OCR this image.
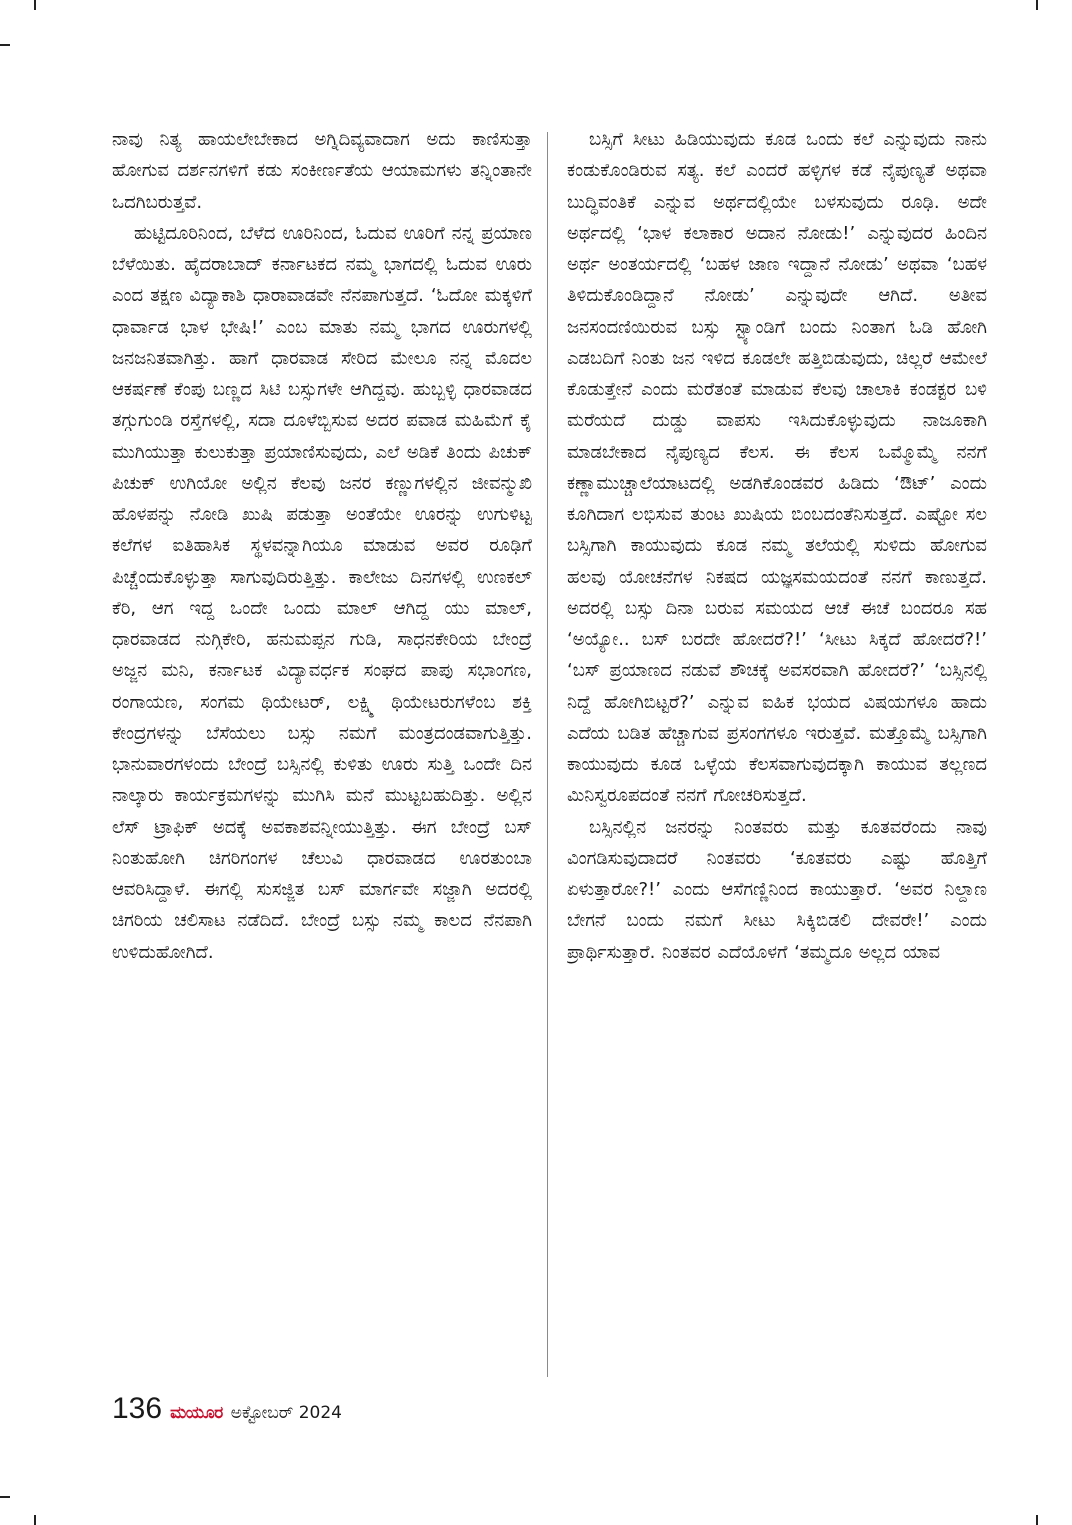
ನಾವು ನಿತ್ಯ ಹಾಯಲೇಬೇಕಾದ ಅಗ್ನಿದಿವ್ಯವಾದಾಗ ಅದು ಕಾಣಿಸುತ್ತಾ ಹೋಗುವ ದರ್ಶನಗಳಿಗೆ ಕಡು ಸಂಕೀರ್ಣತೆಯ ಆಯಾಮಗಳು ತನ್ನಿಂತಾನೇ ಒದಗಿಬರುತ್ತವೆ.

ಹುಟ್ಟಿದೂರಿನಿಂದ, ಬೆಳೆದ ಊರಿನಿಂದ, ಓದುವ ಊರಿಗೆ ನನ್ನ ಪ್ರಯಾಣ ಬೆಳೆಯಿತು. ಹೈದರಾಬಾದ್ ಕರ್ನಾಟಕದ ನಮ್ಮ ಭಾಗದಲ್ಲಿ ಓದುವ ಊರು ಎಂದ ತಕ್ಷಣ ವಿದ್ಯಾಕಾಶಿ ಧಾರಾವಾಡವೇ ನೆನಪಾಗುತ್ತದೆ. ‘ಓದೋ ಮಕ್ಕಳಿಗೆ ಧಾರ್ವಾಡ ಭಾಳ ಭೇಷಿ!’ ಎಂಬ ಮಾತು ನಮ್ಮ ಭಾಗದ ಊರುಗಳಲ್ಲಿ ಜನಜನಿತವಾಗಿತ್ತು. ಹಾಗೆ ಧಾರವಾಡ ಸೇರಿದ ಮೇಲೂ ನನ್ನ ಮೊದಲ ಆಕರ್ಷಣೆ ಕೆಂಪು ಬಣ್ಣದ ಸಿಟಿ ಬಸ್ಸುಗಳೇ ಆಗಿದ್ದವು. ಹುಬ್ಬಳ್ಳಿ ಧಾರವಾಡದ ತಗ್ಗುಗುಂಡಿ ರಸ್ತೆಗಳಲ್ಲಿ, ಸದಾ ದೂಳೆಬ್ಬಿಸುವ ಅದರ ಪವಾಡ ಮಹಿಮೆಗೆ ಕೈ ಮುಗಿಯುತ್ತಾ ಕುಲುಕುತ್ತಾ ಪ್ರಯಾಣಿಸುವುದು, ಎಲೆ ಅಡಿಕೆ ತಿಂದು ಪಿಚುಕ್ ಪಿಚುಕ್ ಉಗಿಯೋ ಅಲ್ಲಿನ ಕೆಲವು ಜನರ ಕಣ್ಣುಗಳಲ್ಲಿನ ಜೀವನ್ಮುಖಿ ಹೊಳಪನ್ನು ನೋಡಿ ಖುಷಿ ಪಡುತ್ತಾ ಅಂತೆಯೇ ಊರನ್ನು ಉಗುಳಿಟ್ಟ ಕಲೆಗಳ ಐತಿಹಾಸಿಕ ಸ್ಥಳವನ್ನಾಗಿಯೂ ಮಾಡುವ ಅವರ ರೂಢಿಗೆ ಪಿಚ್ಚೆಂದುಕೊಳ್ಳುತ್ತಾ ಸಾಗುವುದಿರುತ್ತಿತ್ತು. ಕಾಲೇಜು ದಿನಗಳಲ್ಲಿ ಉಣಕಲ್ ಕೆರಿ, ಆಗ ಇದ್ದ ಒಂದೇ ಒಂದು ಮಾಲ್ ಆಗಿದ್ದ ಯು ಮಾಲ್, ಧಾರವಾಡದ ನುಗ್ಗಿಕೇರಿ, ಹನುಮಪ್ಪನ ಗುಡಿ, ಸಾಧನಕೇರಿಯ ಬೇಂದ್ರೆ ಅಜ್ಜನ ಮನಿ, ಕರ್ನಾಟಕ ವಿದ್ಯಾವರ್ಧಕ ಸಂಘದ ಪಾಪು ಸಭಾಂಗಣ, ರಂಗಾಯಣ, ಸಂಗಮ ಥಿಯೇಟರ್, ಲಕ್ಷ್ಮಿ ಥಿಯೇಟರುಗಳೆಂಬ ಶಕ್ತಿ ಕೇಂದ್ರಗಳನ್ನು ಬೆಸೆಯಲು ಬಸ್ಸು ನಮಗೆ ಮಂತ್ರದಂಡವಾಗುತ್ತಿತ್ತು. ಭಾನುವಾರಗಳಂದು ಬೇಂದ್ರೆ ಬಸ್ಸಿನಲ್ಲಿ ಕುಳಿತು ಊರು ಸುತ್ತಿ ಒಂದೇ ದಿನ ನಾಲ್ಕಾರು ಕಾರ್ಯಕ್ರಮಗಳನ್ನು ಮುಗಿಸಿ ಮನೆ ಮುಟ್ಟಬಹುದಿತ್ತು. ಅಲ್ಲಿನ ಲೆಸ್ ಟ್ರಾಫಿಕ್ ಅದಕ್ಕೆ ಅವಕಾಶವನ್ನೀಯುತ್ತಿತ್ತು. ಈಗ ಬೇಂದ್ರೆ ಬಸ್ ನಿಂತುಹೋಗಿ ಚಿಗರಿಗಂಗಳ ಚೆಲುವಿ ಧಾರವಾಡದ ಊರತುಂಬಾ ಆವರಿಸಿದ್ದಾಳೆ. ಈಗಲ್ಲಿ ಸುಸಜ್ಜಿತ ಬಸ್ ಮಾರ್ಗವೇ ಸಜ್ಜಾಗಿ ಅದರಲ್ಲಿ ಚಿಗರಿಯ ಚಲಿಸಾಟ ನಡೆದಿದೆ. ಬೇಂದ್ರೆ ಬಸ್ಸು ನಮ್ಮ ಕಾಲದ ನೆನಪಾಗಿ ಉಳಿದುಹೋಗಿದೆ.

ಬಸ್ಸಿಗೆ ಸೀಟು ಹಿಡಿಯುವುದು ಕೂಡ ಒಂದು ಕಲೆ ಎನ್ನುವುದು ನಾನು ಕಂಡುಕೊಂಡಿರುವ ಸತ್ಯ. ಕಲೆ ಎಂದರೆ ಹಳ್ಳಿಗಳ ಕಡೆ ನೈಪುಣ್ಯತೆ ಅಥವಾ ಬುದ್ಧಿವಂತಿಕೆ ಎನ್ನುವ ಅರ್ಥದಲ್ಲಿಯೇ ಬಳಸುವುದು ರೂಢಿ. ಅದೇ ಅರ್ಥದಲ್ಲಿ ‘ಭಾಳ ಕಲಾಕಾರ ಅದಾನ ನೋಡು!’ ಎನ್ನುವುದರ ಹಿಂದಿನ ಅರ್ಥ ಅಂತರ್ಯದಲ್ಲಿ ‘ಬಹಳ ಜಾಣ ಇದ್ದಾನೆ ನೋಡು’ ಅಥವಾ ‘ಬಹಳ ತಿಳಿದುಕೊಂಡಿದ್ದಾನೆ ನೋಡು’ ಎನ್ನುವುದೇ ಆಗಿದೆ. ಅತೀವ ಜನಸಂದಣಿಯಿರುವ ಬಸ್ಸು ಸ್ಟ್ಯಾಂಡಿಗೆ ಬಂದು ನಿಂತಾಗ ಓಡಿ ಹೋಗಿ ಎಡಬದಿಗೆ ನಿಂತು ಜನ ಇಳಿದ ಕೂಡಲೇ ಹತ್ತಿಬಿಡುವುದು, ಚಿಲ್ಲರೆ ಆಮೇಲೆ ಕೊಡುತ್ತೇನೆ ಎಂದು ಮರೆತಂತೆ ಮಾಡುವ ಕೆಲವು ಚಾಲಾಕಿ ಕಂಡಕ್ಟರ ಬಳಿ ಮರೆಯದೆ ದುಡ್ಡು ವಾಪಸು ಇಸಿದುಕೊಳ್ಳುವುದು ನಾಜೂಕಾಗಿ ಮಾಡಬೇಕಾದ ನೈಪುಣ್ಯದ ಕೆಲಸ. ಈ ಕೆಲಸ ಒಮ್ಮೊಮ್ಮೆ ನನಗೆ ಕಣ್ಣಾಮುಚ್ಚಾಲೆಯಾಟದಲ್ಲಿ ಅಡಗಿಕೊಂಡವರ ಹಿಡಿದು ‘ಔಟ್’ ಎಂದು ಕೂಗಿದಾಗ ಲಭಿಸುವ ತುಂಟ ಖುಷಿಯ ಬಿಂಬದಂತೆನಿಸುತ್ತದೆ. ಎಷ್ಟೋ ಸಲ ಬಸ್ಸಿಗಾಗಿ ಕಾಯುವುದು ಕೂಡ ನಮ್ಮ ತಲೆಯಲ್ಲಿ ಸುಳಿದು ಹೋಗುವ ಹಲವು ಯೋಚನೆಗಳ ನಿಕಷದ ಯಜ್ಞಸಮಯದಂತೆ ನನಗೆ ಕಾಣುತ್ತದೆ. ಅದರಲ್ಲಿ ಬಸ್ಸು ದಿನಾ ಬರುವ ಸಮಯದ ಆಚೆ ಈಚೆ ಬಂದರೂ ಸಹ ‘ಅಯ್ಯೋ.. ಬಸ್ ಬರದೇ ಹೋದರೆ?!’ ‘ಸೀಟು ಸಿಕ್ಕದೆ ಹೋದರೆ?!’ ‘ಬಸ್ ಪ್ರಯಾಣದ ನಡುವೆ ಶೌಚಕ್ಕೆ ಅವಸರವಾಗಿ ಹೋದರೆ?’ ‘ಬಸ್ಸಿನಲ್ಲಿ ನಿದ್ದೆ ಹೋಗಿಬಿಟ್ಟರೆ?’ ಎನ್ನುವ ಐಹಿಕ ಭಯದ ವಿಷಯಗಳೂ ಹಾದು ಎದೆಯ ಬಡಿತ ಹೆಚ್ಚಾಗುವ ಪ್ರಸಂಗಗಳೂ ಇರುತ್ತವೆ. ಮತ್ತೊಮ್ಮೆ ಬಸ್ಸಿಗಾಗಿ ಕಾಯುವುದು ಕೂಡ ಒಳ್ಳೆಯ ಕೆಲಸವಾಗುವುದಕ್ಕಾಗಿ ಕಾಯುವ ತಲ್ಲಣದ ಮಿನಿಸ್ವರೂಪದಂತೆ ನನಗೆ ಗೋಚರಿಸುತ್ತದೆ.

ಬಸ್ಸಿನಲ್ಲಿನ ಜನರನ್ನು ನಿಂತವರು ಮತ್ತು ಕೂತವರೆಂದು ನಾವು ವಿಂಗಡಿಸುವುದಾದರೆ ನಿಂತವರು ‘ಕೂತವರು ಎಷ್ಟು ಹೊತ್ತಿಗೆ ಏಳುತ್ತಾರೋ?!’ ಎಂದು ಆಸೆಗಣ್ಣಿನಿಂದ ಕಾಯುತ್ತಾರೆ. ‘ಅವರ ನಿಲ್ದಾಣ ಬೇಗನೆ ಬಂದು ನಮಗೆ ಸೀಟು ಸಿಕ್ಕಿಬಿಡಲಿ ದೇವರೇ!’ ಎಂದು ಪ್ರಾರ್ಥಿಸುತ್ತಾರೆ. ನಿಂತವರ ಎದೆಯೊಳಗೆ ‘ತಮ್ಮದೂ ಅಲ್ಲದ ಯಾವ

136 ಮಯೂರ ಅಕ್ಟೋಬರ್ 2024
